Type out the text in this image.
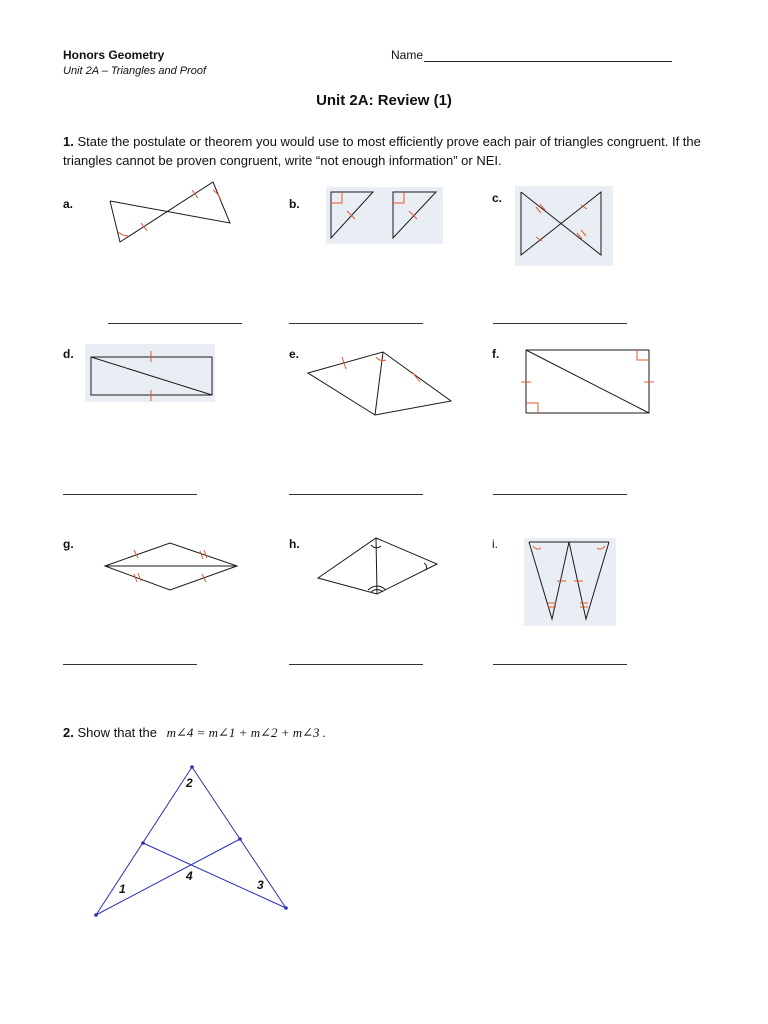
Honors Geometry
Unit 2A – Triangles and Proof
Name
Unit 2A: Review (1)
1. State the postulate or theorem you would use to most efficiently prove each pair of triangles congruent. If the triangles cannot be proven congruent, write “not enough information” or NEI.
a.	b.	c.
d.	e.	f.
g.	h.	i.
2. Show that the m∠4 = m∠1 + m∠2 + m∠3 .
2
1
4
3
